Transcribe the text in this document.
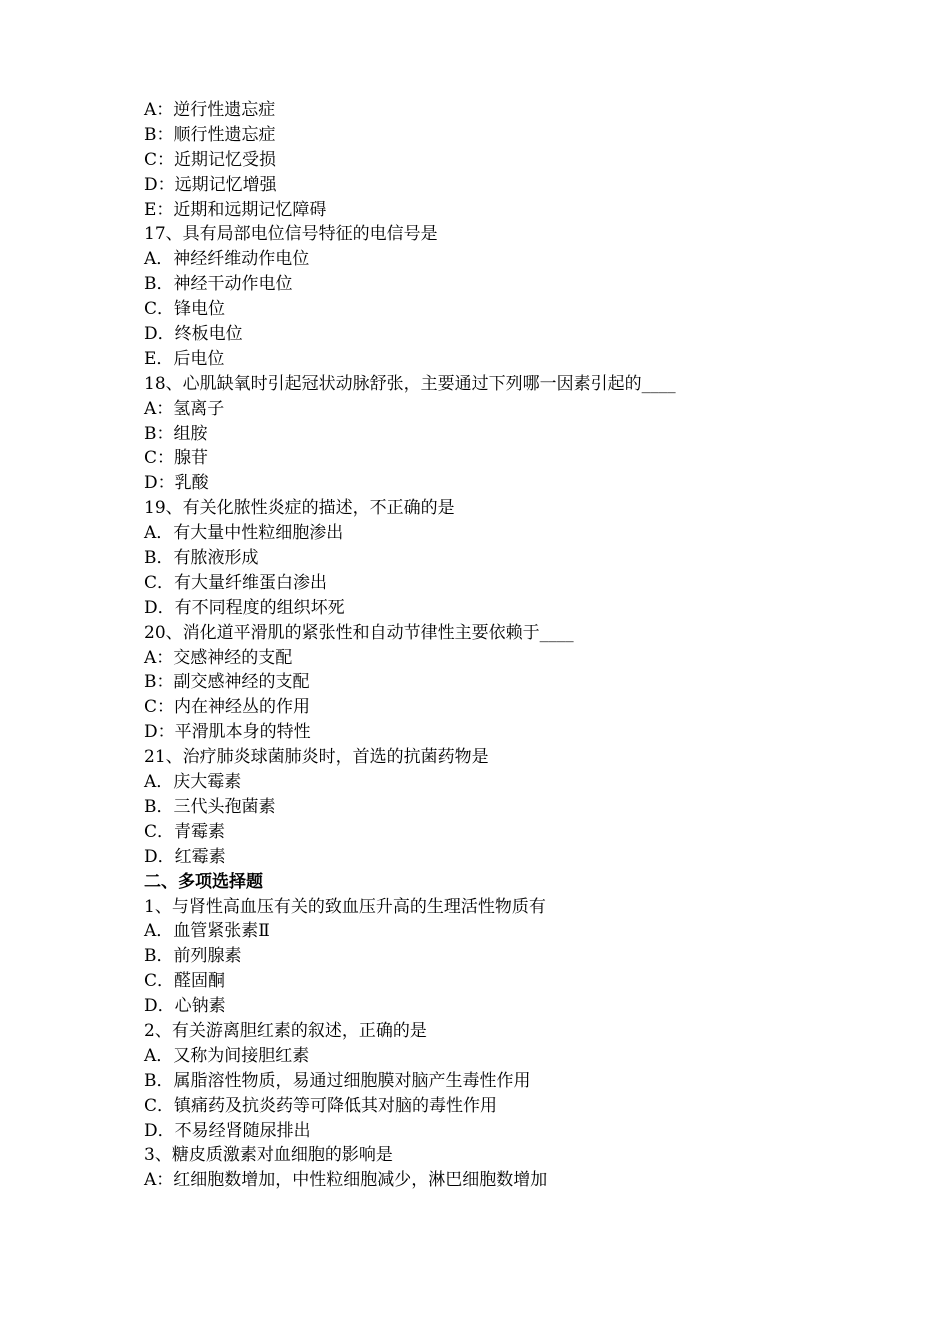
A：逆行性遗忘症
B：顺行性遗忘症
C：近期记忆受损
D：远期记忆增强
E：近期和远期记忆障碍
17、具有局部电位信号特征的电信号是
A．神经纤维动作电位
B．神经干动作电位
C．锋电位
D．终板电位
E．后电位
18、心肌缺氧时引起冠状动脉舒张，主要通过下列哪一因素引起的____
A：氢离子
B：组胺
C：腺苷
D：乳酸
19、有关化脓性炎症的描述，不正确的是
A．有大量中性粒细胞渗出
B．有脓液形成
C．有大量纤维蛋白渗出
D．有不同程度的组织坏死
20、消化道平滑肌的紧张性和自动节律性主要依赖于____
A：交感神经的支配
B：副交感神经的支配
C：内在神经丛的作用
D：平滑肌本身的特性
21、治疗肺炎球菌肺炎时，首选的抗菌药物是
A．庆大霉素
B．三代头孢菌素
C．青霉素
D．红霉素
二、多项选择题
1、与肾性高血压有关的致血压升高的生理活性物质有
A．血管紧张素Ⅱ
B．前列腺素
C．醛固酮
D．心钠素
2、有关游离胆红素的叙述，正确的是
A．又称为间接胆红素
B．属脂溶性物质，易通过细胞膜对脑产生毒性作用
C．镇痛药及抗炎药等可降低其对脑的毒性作用
D．不易经肾随尿排出
3、糖皮质激素对血细胞的影响是
A：红细胞数增加，中性粒细胞减少，淋巴细胞数增加
